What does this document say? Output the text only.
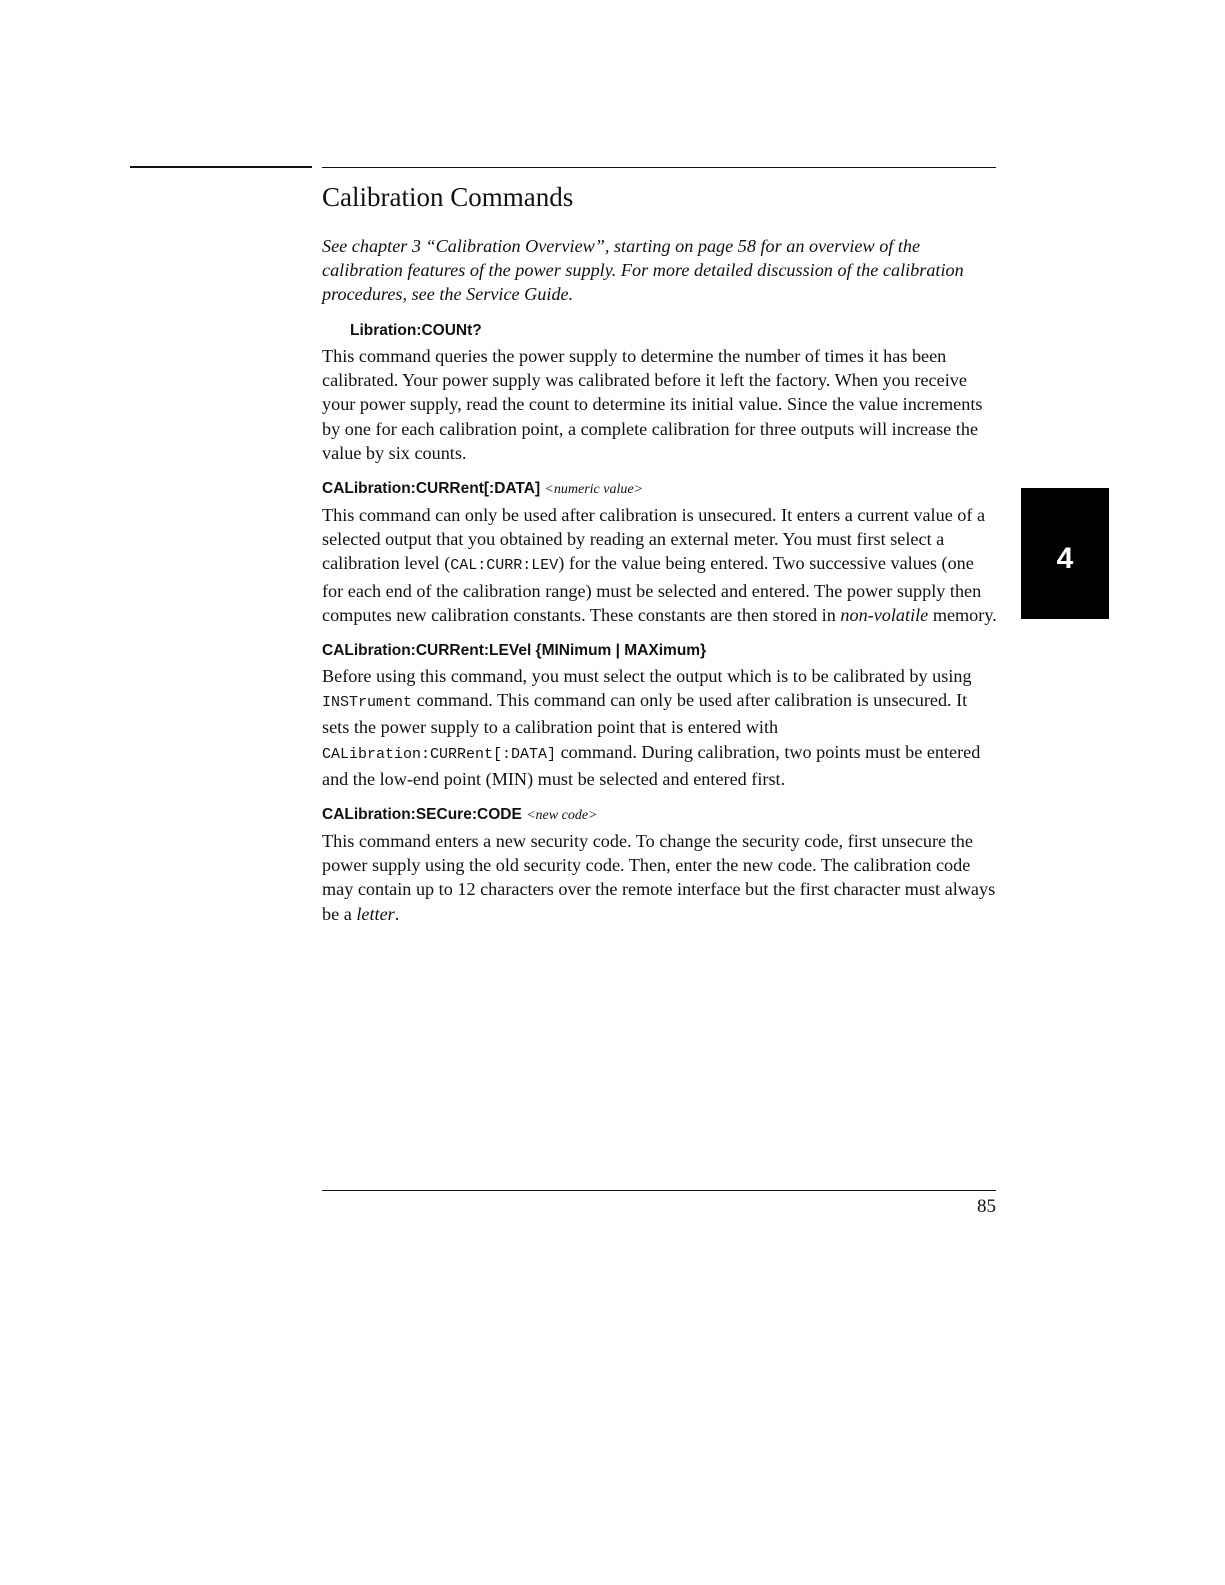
4
Calibration Commands

See chapter 3 “Calibration Overview”, starting on page 58 for an overview of the calibration features of the power supply. For more detailed discussion of the calibration procedures, see the Service Guide.

Libration:COUNt?

This command queries the power supply to determine the number of times it has been calibrated. Your power supply was calibrated before it left the factory. When you receive your power supply, read the count to determine its initial value. Since the value increments by one for each calibration point, a complete calibration for three outputs will increase the value by six counts.

CALibration:CURRent[:DATA] <numeric value>

This command can only be used after calibration is unsecured. It enters a current value of a selected output that you obtained by reading an external meter. You must first select a calibration level (CAL:CURR:LEV) for the value being entered. Two successive values (one for each end of the calibration range) must be selected and entered. The power supply then computes new calibration constants. These constants are then stored in non-volatile memory.

CALibration:CURRent:LEVel {MINimum | MAXimum}

Before using this command, you must select the output which is to be calibrated by using INSTrument command. This command can only be used after calibration is unsecured. It sets the power supply to a calibration point that is entered with CALibration:CURRent[:DATA] command. During calibration, two points must be entered and the low-end point (MIN) must be selected and entered first.

CALibration:SECure:CODE <new code>

This command enters a new security code. To change the security code, first unsecure the power supply using the old security code. Then, enter the new code. The calibration code may contain up to 12 characters over the remote interface but the first character must always be a letter.

85
